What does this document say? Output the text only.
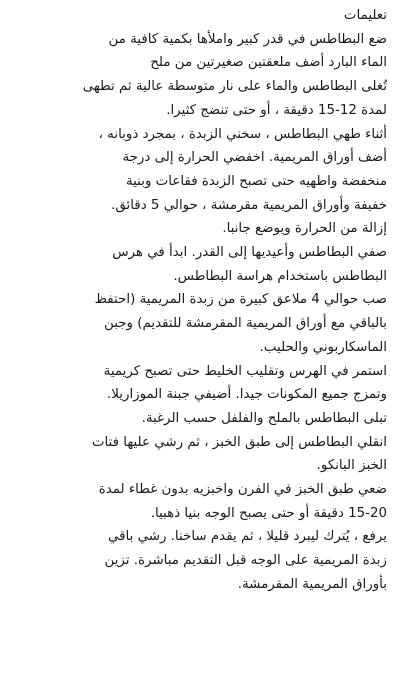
تعليمات

ضع البطاطس في قدر كبير واملأها بكمية كافية من
الماء البارد أضف ملعقتين صغيرتين من ملح

تُغلى البطاطس والماء على نار متوسطة عالية ثم تطهى
لمدة 12-15 دقيقة ، أو حتى تنضج كثيرا.

أثناء طهي البطاطس ، سخني الزبدة ، بمجرد ذوبانه ،
أضف أوراق المريمية. اخفضي الحرارة إلى درجة
منخفضة واطهيه حتى تصبح الزبدة فقاعات وبنية
خفيفة وأوراق المريمية مقرمشة ، حوالي 5 دقائق.
إزالة من الحرارة ويوضع جانبا.

صفي البطاطس وأعيديها إلى القدر. ابدأ في هرس
البطاطس باستخدام هراسة البطاطس.

صب حوالي 4 ملاعق كبيرة من زبدة المريمية (احتفظ
بالباقي مع أوراق المريمية المقرمشة للتقديم) وجبن
الماسكاربوني والحليب.

استمر في الهرس وتقليب الخليط حتى تصبح كريمية
وتمزج جميع المكونات جيدا. أضيفي جبنة الموزاريلا.
تبلى البطاطس بالملح والفلفل حسب الرغبة.

انقلي البطاطس إلى طبق الخبز ، ثم رشي عليها فتات
الخبز البانكو.

ضعي طبق الخبز في الفرن واخبزيه بدون غطاء لمدة
15-20 دقيقة أو حتى يصبح الوجه بنيا ذهبيا.

يرفع ، يُترك ليبرد قليلا ، ثم يقدم ساخنا. رشي باقي
زبدة المريمية على الوجه قبل التقديم مباشرة. تزين
بأوراق المريمية المقرمشة.
